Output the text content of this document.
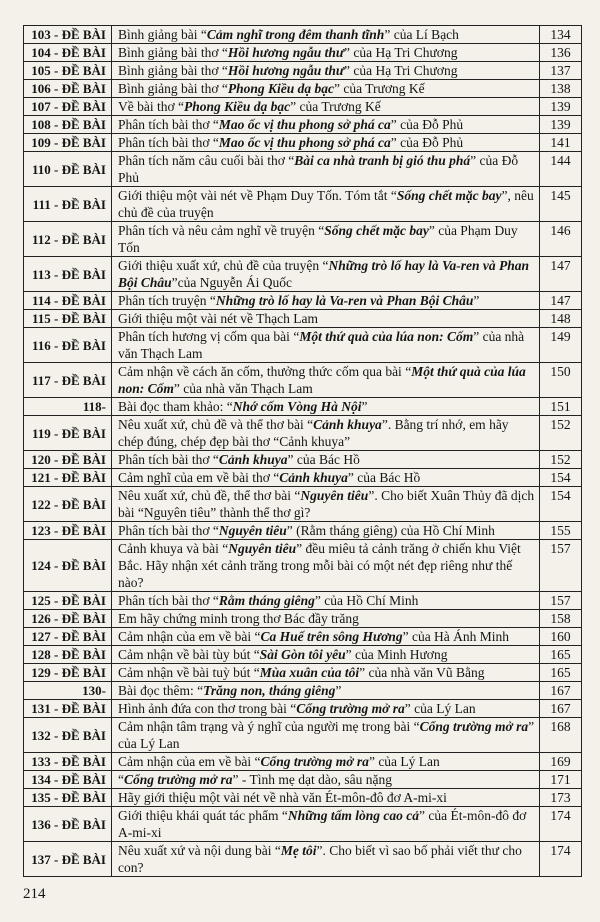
103 - ĐỀ BÀI	Bình giảng bài “Cảm nghĩ trong đêm thanh tĩnh” của Lí Bạch	134
104 - ĐỀ BÀI	Bình giảng bài thơ “Hồi hương ngẫu thư” của Hạ Tri Chương	136
105 - ĐỀ BÀI	Bình giảng bài thơ “Hồi hương ngẫu thư” của Hạ Tri Chương	137
106 - ĐỀ BÀI	Bình giảng bài thơ “Phong Kiều dạ bạc” của Trương Kế	138
107 - ĐỀ BÀI	Về bài thơ “Phong Kiều dạ bạc” của Trương Kế	139
108 - ĐỀ BÀI	Phân tích bài thơ “Mao ốc vị thu phong sở phá ca” của Đỗ Phủ	139
109 - ĐỀ BÀI	Phân tích bài thơ “Mao ốc vị thu phong sở phá ca” của Đỗ Phủ	141
110 - ĐỀ BÀI	Phân tích năm câu cuối bài thơ “Bài ca nhà tranh bị gió thu phá” của Đỗ Phủ	144
111 - ĐỀ BÀI	Giới thiệu một vài nét về Phạm Duy Tốn. Tóm tắt “Sống chết mặc bay”, nêu chủ đề của truyện	145
112 - ĐỀ BÀI	Phân tích và nêu cảm nghĩ về truyện “Sống chết mặc bay” của Phạm Duy Tốn	146
113 - ĐỀ BÀI	Giới thiệu xuất xứ, chủ đề của truyện “Những trò lố hay là Va-ren và Phan Bội Châu”của Nguyễn Ái Quốc	147
114 - ĐỀ BÀI	Phân tích truyện “Những trò lố hay là Va-ren và Phan Bội Châu”	147
115 - ĐỀ BÀI	Giới thiệu một vài nét về Thạch Lam	148
116 - ĐỀ BÀI	Phân tích hương vị cốm qua bài “Một thứ quà của lúa non: Cốm” của nhà văn Thạch Lam	149
117 - ĐỀ BÀI	Cảm nhận về cách ăn cốm, thưởng thức cốm qua bài “Một thứ quà của lúa non: Cốm” của nhà văn Thạch Lam	150
118-	Bài đọc tham khảo: “Nhớ cốm Vòng Hà Nội”	151
119 - ĐỀ BÀI	Nêu xuất xứ, chủ đề và thể thơ bài “Cảnh khuya”. Bằng trí nhớ, em hãy chép đúng, chép đẹp bài thơ “Cảnh khuya”	152
120 - ĐỀ BÀI	Phân tích bài thơ “Cảnh khuya” của Bác Hồ	152
121 - ĐỀ BÀI	Cảm nghĩ của em về bài thơ “Cảnh khuya” của Bác Hồ	154
122 - ĐỀ BÀI	Nêu xuất xứ, chủ đề, thể thơ bài “Nguyên tiêu”. Cho biết Xuân Thủy đã dịch bài “Nguyên tiêu” thành thể thơ gì?	154
123 - ĐỀ BÀI	Phân tích bài thơ “Nguyên tiêu” (Rằm tháng giêng) của Hồ Chí Minh	155
124 - ĐỀ BÀI	Cảnh khuya và bài “Nguyên tiêu” đều miêu tả cảnh trăng ở chiến khu Việt Bắc. Hãy nhận xét cảnh trăng trong mỗi bài có một nét đẹp riêng như thế nào?	157
125 - ĐỀ BÀI	Phân tích bài thơ “Rằm tháng giêng” của Hồ Chí Minh	157
126 - ĐỀ BÀI	Em hãy chứng minh trong thơ Bác đầy trăng	158
127 - ĐỀ BÀI	Cảm nhận của em về bài “Ca Huế trên sông Hương” của Hà Ánh Minh	160
128 - ĐỀ BÀI	Cảm nhận về bài tùy bút “Sài Gòn tôi yêu” của Minh Hương	165
129 - ĐỀ BÀI	Cảm nhận về bài tuỳ bút “Mùa xuân của tôi” của nhà văn Vũ Bằng	165
130-	Bài đọc thêm: “Trăng non, tháng giêng”	167
131 - ĐỀ BÀI	Hình ảnh đứa con thơ trong bài “Cổng trường mở ra” của Lý Lan	167
132 - ĐỀ BÀI	Cảm nhận tâm trạng và ý nghĩ của người mẹ trong bài “Cổng trường mở ra” của Lý Lan	168
133 - ĐỀ BÀI	Cảm nhận của em về bài “Cổng trường mở ra” của Lý Lan	169
134 - ĐỀ BÀI	“Cổng trường mở ra” - Tình mẹ dạt dào, sâu nặng	171
135 - ĐỀ BÀI	Hãy giới thiệu một vài nét về nhà văn Ét-môn-đô đơ A-mi-xi	173
136 - ĐỀ BÀI	Giới thiệu khái quát tác phẩm “Những tấm lòng cao cả” của Ét-môn-đô đơ A-mi-xi	174
137 - ĐỀ BÀI	Nêu xuất xứ và nội dung bài “Mẹ tôi”. Cho biết vì sao bố phải viết thư cho con?	174
214
